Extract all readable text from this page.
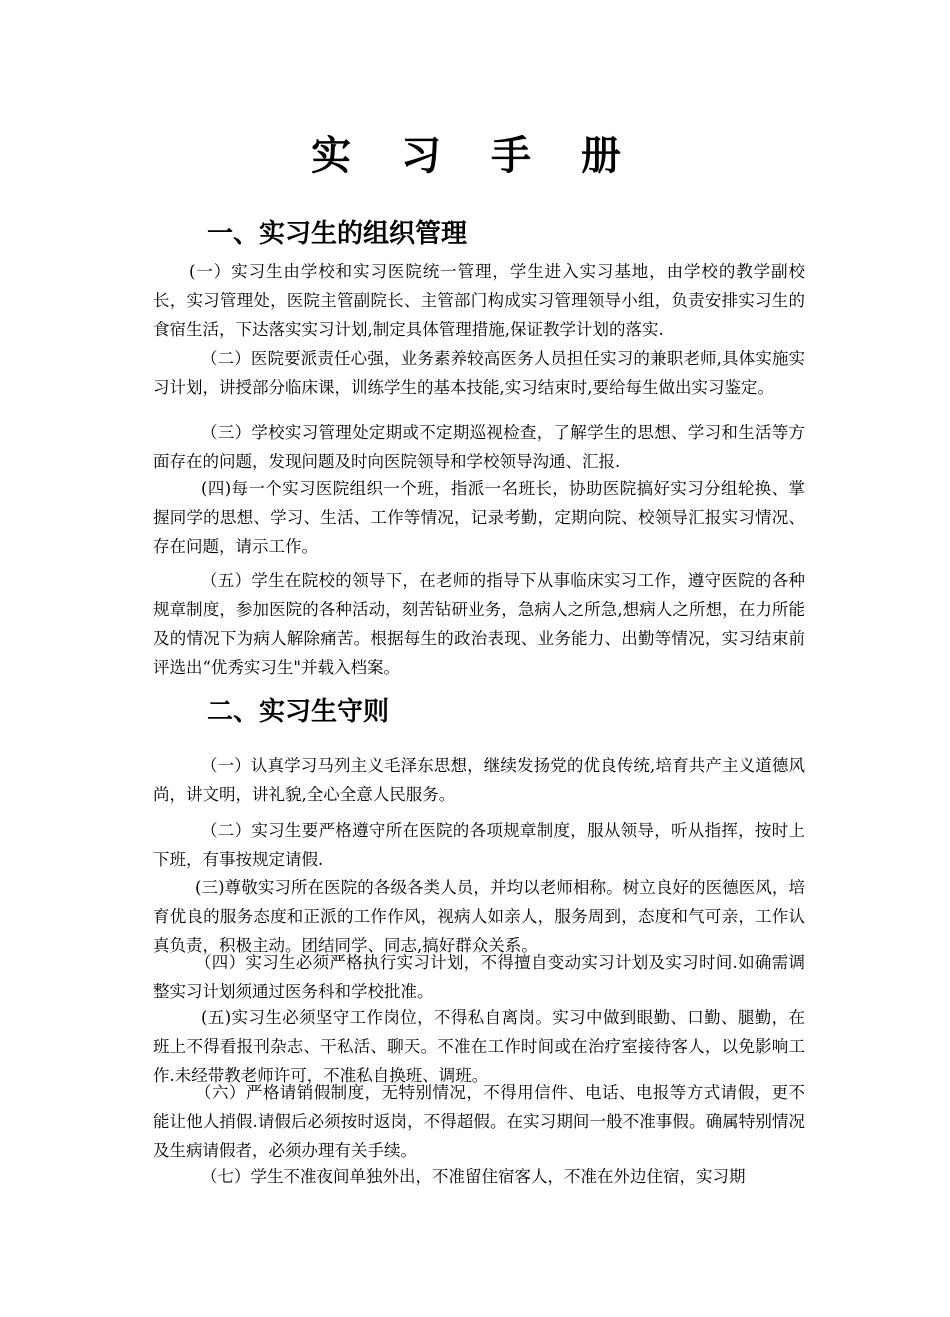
实 习 手 册
一、实习生的组织管理

(一）实习生由学校和实习医院统一管理，学生进入实习基地，由学校的教学副校长，实习管理处，医院主管副院长、主管部门构成实习管理领导小组，负责安排实习生的食宿生活，下达落实实习计划,制定具体管理措施,保证教学计划的落实.

（二）医院要派责任心强，业务素养较高医务人员担任实习的兼职老师,具体实施实习计划，讲授部分临床课，训练学生的基本技能,实习结束时,要给每生做出实习鉴定。

（三）学校实习管理处定期或不定期巡视检查，了解学生的思想、学习和生活等方面存在的问题，发现问题及时向医院领导和学校领导沟通、汇报.

(四)每一个实习医院组织一个班，指派一名班长，协助医院搞好实习分组轮换、掌握同学的思想、学习、生活、工作等情况，记录考勤，定期向院、校领导汇报实习情况、存在问题，请示工作。

（五）学生在院校的领导下，在老师的指导下从事临床实习工作，遵守医院的各种规章制度，参加医院的各种活动，刻苦钻研业务，急病人之所急,想病人之所想，在力所能及的情况下为病人解除痛苦。根据每生的政治表现、业务能力、出勤等情况，实习结束前评选出“优秀实习生"并载入档案。

二、实习生守则

（一）认真学习马列主义毛泽东思想，继续发扬党的优良传统,培育共产主义道德风尚，讲文明，讲礼貌,全心全意人民服务。

（二）实习生要严格遵守所在医院的各项规章制度，服从领导，听从指挥，按时上下班，有事按规定请假.

(三)尊敬实习所在医院的各级各类人员，并均以老师相称。树立良好的医德医风，培育优良的服务态度和正派的工作作风，视病人如亲人，服务周到，态度和气可亲，工作认真负责，积极主动。团结同学、同志,搞好群众关系。

（四）实习生必须严格执行实习计划，不得擅自变动实习计划及实习时间.如确需调整实习计划须通过医务科和学校批准。

(五)实习生必须坚守工作岗位，不得私自离岗。实习中做到眼勤、口勤、腿勤，在班上不得看报刊杂志、干私活、聊天。不准在工作时间或在治疗室接待客人，以免影响工作.未经带教老师许可，不准私自换班、调班。

（六）严格请销假制度，无特别情况，不得用信件、电话、电报等方式请假，更不能让他人捎假.请假后必须按时返岗，不得超假。在实习期间一般不准事假。确属特别情况及生病请假者，必须办理有关手续。

（七）学生不准夜间单独外出，不准留住宿客人，不准在外边住宿，实习期
